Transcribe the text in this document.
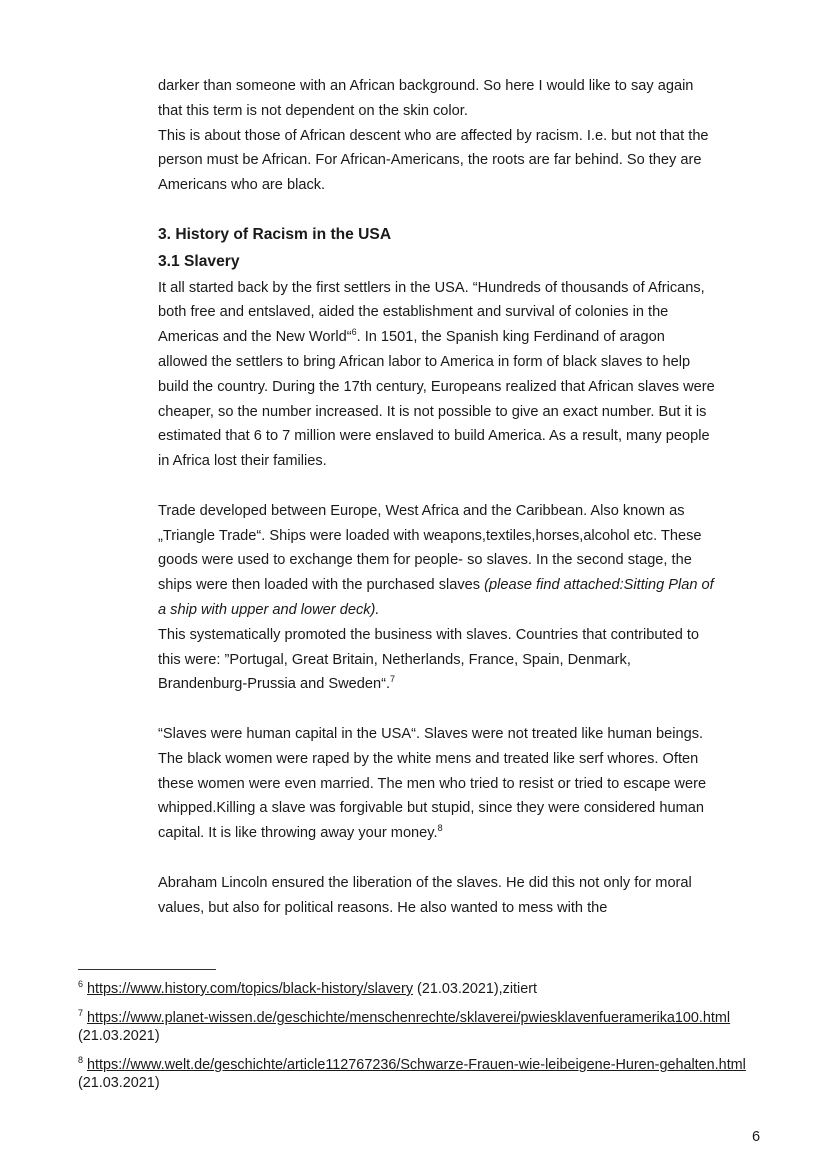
darker than someone with an African background. So here I would like to say again that this term is not dependent on the skin color.

This is about those of African descent who are affected by racism. I.e. but not that the person must be African. For African-Americans, the roots are far behind. So they are Americans who are black.

3. History of Racism in the USA

3.1 Slavery

It all started back by the first settlers in the USA. “Hundreds of thousands of Africans, both free and entslaved, aided the establishment and survival of colonies in the Americas and the New World“$^6$. In 1501, the Spanish king Ferdinand of aragon allowed the settlers to bring African labor to America in form of black slaves to help build the country. During the 17th century, Europeans realized that African slaves were cheaper, so the number increased. It is not possible to give an exact number. But it is estimated that 6 to 7 million were enslaved to build America. As a result, many people in Africa lost their families.

Trade developed between Europe, West Africa and the Caribbean. Also known as „Triangle Trade“. Ships were loaded with weapons,textiles,horses,alcohol etc. These goods were used to exchange them for people- so slaves. In the second stage, the ships were then loaded with the purchased slaves (please find attached:Sitting Plan of a ship with upper and lower deck).

This systematically promoted the business with slaves. Countries that contributed to this were: ”Portugal, Great Britain, Netherlands, France, Spain, Denmark, Brandenburg-Prussia and Sweden“.$^7$

“Slaves were human capital in the USA“. Slaves were not treated like human beings. The black women were raped by the white mens and treated like serf whores. Often these women were even married. The men who tried to resist or tried to escape were whipped.Killing a slave was forgivable but stupid, since they were considered human capital. It is like throwing away your money.$^8$

Abraham Lincoln ensured the liberation of the slaves. He did this not only for moral values, but also for political reasons. He also wanted to mess with the

$^6$ https://www.history.com/topics/black-history/slavery (21.03.2021),zitiert

$^7$ https://www.planet-wissen.de/geschichte/menschenrechte/sklaverei/pwiesklavenfueramerika100.html (21.03.2021)

$^8$ https://www.welt.de/geschichte/article112767236/Schwarze-Frauen-wie-leibeigene-Huren-gehalten.html (21.03.2021)

6
